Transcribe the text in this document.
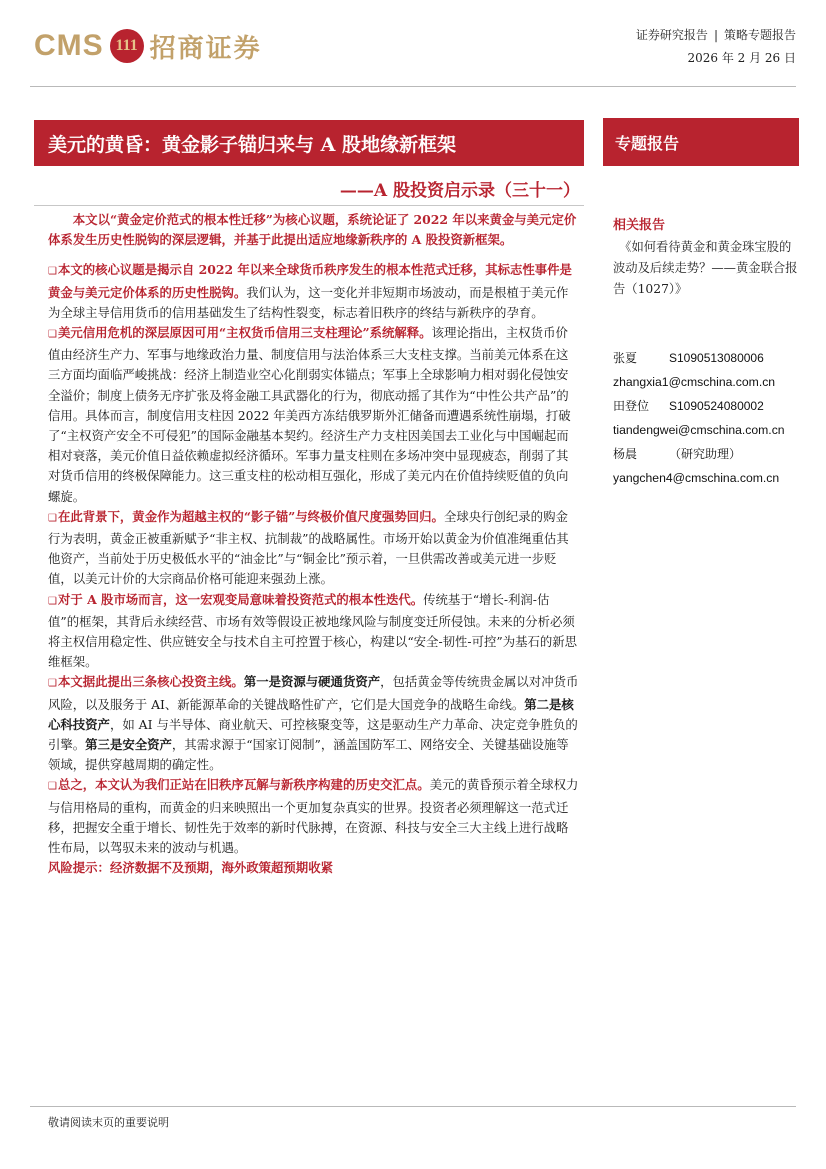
CMS 111 招商证券	证券研究报告 | 策略专题报告
2026 年 2 月 26 日
美元的黄昏：黄金影子锚归来与 A 股地缘新框架	专题报告
——A 股投资启示录（三十一）

本文以“黄金定价范式的根本性迁移”为核心议题，系统论证了 2022 年以来黄金与美元定价体系发生历史性脱钩的深层逻辑，并基于此提出适应地缘新秩序的 A 股投资新框架。

❑本文的核心议题是揭示自 2022 年以来全球货币秩序发生的根本性范式迁移，其标志性事件是黄金与美元定价体系的历史性脱钩。我们认为，这一变化并非短期市场波动，而是根植于美元作为全球主导信用货币的信用基础发生了结构性裂变，标志着旧秩序的终结与新秩序的孕育。

❑美元信用危机的深层原因可用“主权货币信用三支柱理论”系统解释。该理论指出，主权货币价值由经济生产力、军事与地缘政治力量、制度信用与法治体系三大支柱支撑。当前美元体系在这三方面均面临严峻挑战：经济上制造业空心化削弱实体锚点；军事上全球影响力相对弱化侵蚀安全溢价；制度上债务无序扩张及将金融工具武器化的行为，彻底动摇了其作为“中性公共产品”的信用。具体而言，制度信用支柱因 2022 年美西方冻结俄罗斯外汇储备而遭遇系统性崩塌，打破了“主权资产安全不可侵犯”的国际金融基本契约。经济生产力支柱因美国去工业化与中国崛起而相对衰落，美元价值日益依赖虚拟经济循环。军事力量支柱则在多场冲突中显现疲态，削弱了其对货币信用的终极保障能力。这三重支柱的松动相互强化，形成了美元内在价值持续贬值的负向螺旋。

❑在此背景下，黄金作为超越主权的“影子锚”与终极价值尺度强势回归。全球央行创纪录的购金行为表明，黄金正被重新赋予“非主权、抗制裁”的战略属性。市场开始以黄金为价值准绳重估其他资产，当前处于历史极低水平的“油金比”与“铜金比”预示着，一旦供需改善或美元进一步贬值，以美元计价的大宗商品价格可能迎来强劲上涨。

❑对于 A 股市场而言，这一宏观变局意味着投资范式的根本性迭代。传统基于“增长-利润-估值”的框架，其背后永续经营、市场有效等假设正被地缘风险与制度变迁所侵蚀。未来的分析必须将主权信用稳定性、供应链安全与技术自主可控置于核心，构建以“安全-韧性-可控”为基石的新思维框架。

❑本文据此提出三条核心投资主线。第一是资源与硬通货资产，包括黄金等传统贵金属以对冲货币风险，以及服务于 AI、新能源革命的关键战略性矿产，它们是大国竞争的战略生命线。第二是核心科技资产，如 AI 与半导体、商业航天、可控核聚变等，这是驱动生产力革命、决定竞争胜负的引擎。第三是安全资产，其需求源于“国家订阅制”，涵盖国防军工、网络安全、关键基础设施等领域，提供穿越周期的确定性。

❑总之，本文认为我们正站在旧秩序瓦解与新秩序构建的历史交汇点。美元的黄昏预示着全球权力与信用格局的重构，而黄金的归来映照出一个更加复杂真实的世界。投资者必须理解这一范式迁移，把握安全重于增长、韧性先于效率的新时代脉搏，在资源、科技与安全三大主线上进行战略性布局，以驾驭未来的波动与机遇。

风险提示：经济数据不及预期，海外政策超预期收紧

相关报告
《如何看待黄金和黄金珠宝股的波动及后续走势？——黄金联合报告（1027）》
张夏	S1090513080006
zhangxia1@cmschina.com.cn
田登位	S1090524080002
tiandengwei@cmschina.com.cn
杨晨	（研究助理）
yangchen4@cmschina.com.cn
敬请阅读末页的重要说明
